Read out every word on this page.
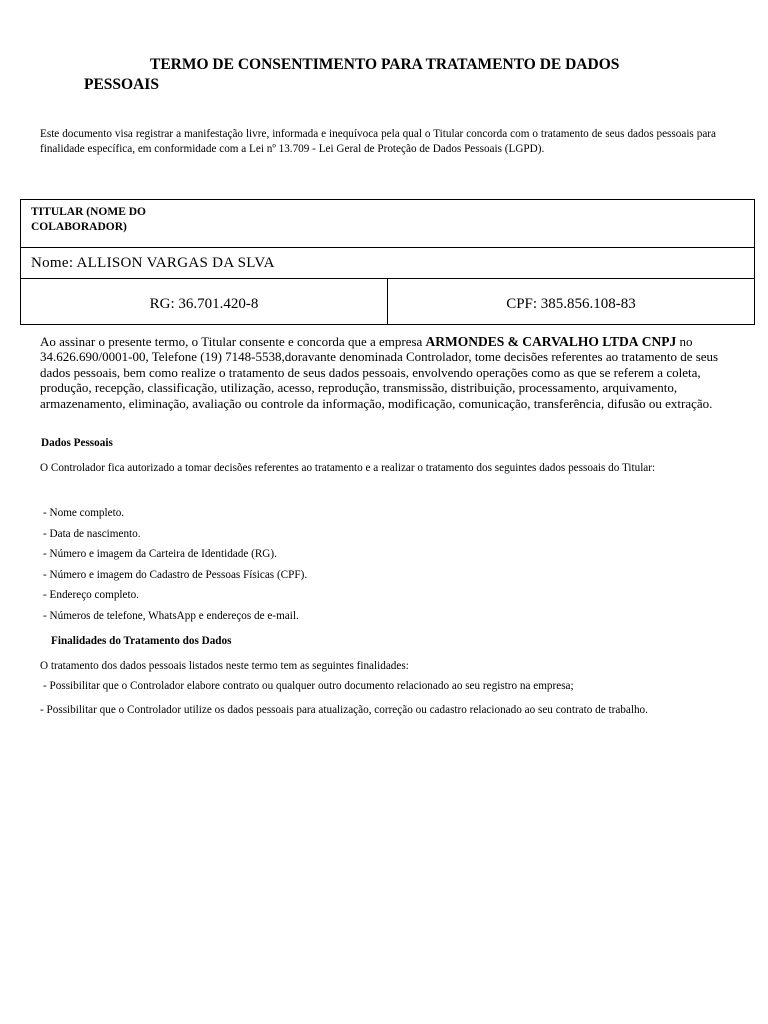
TERMO DE CONSENTIMENTO PARA TRATAMENTO DE DADOS
PESSOAIS

Este documento visa registrar a manifestação livre, informada e inequívoca pela qual o Titular concorda com o tratamento de seus dados pessoais para finalidade específica, em conformidade com a Lei nº 13.709 - Lei Geral de Proteção de Dados Pessoais (LGPD).

TITULAR (NOME DO COLABORADOR)
Nome: ALLISON VARGAS DA SLVA
RG: 36.701.420-8	CPF: 385.856.108-83

Ao assinar o presente termo, o Titular consente e concorda que a empresa ARMONDES & CARVALHO LTDA CNPJ no 34.626.690/0001-00, Telefone (19) 7148-5538,doravante denominada Controlador, tome decisões referentes ao tratamento de seus dados pessoais, bem como realize o tratamento de seus dados pessoais, envolvendo operações como as que se referem a coleta, produção, recepção, classificação, utilização, acesso, reprodução, transmissão, distribuição, processamento, arquivamento, armazenamento, eliminação, avaliação ou controle da informação, modificação, comunicação, transferência, difusão ou extração.

Dados Pessoais

O Controlador fica autorizado a tomar decisões referentes ao tratamento e a realizar o tratamento dos seguintes dados pessoais do Titular:

- Nome completo.

- Data de nascimento.

- Número e imagem da Carteira de Identidade (RG).

- Número e imagem do Cadastro de Pessoas Físicas (CPF).

- Endereço completo.

- Números de telefone, WhatsApp e endereços de e-mail.

Finalidades do Tratamento dos Dados

O tratamento dos dados pessoais listados neste termo tem as seguintes finalidades:

- Possibilitar que o Controlador elabore contrato ou qualquer outro documento relacionado ao seu registro na empresa;

- Possibilitar que o Controlador utilize os dados pessoais para atualização, correção ou cadastro relacionado ao seu contrato de trabalho.
